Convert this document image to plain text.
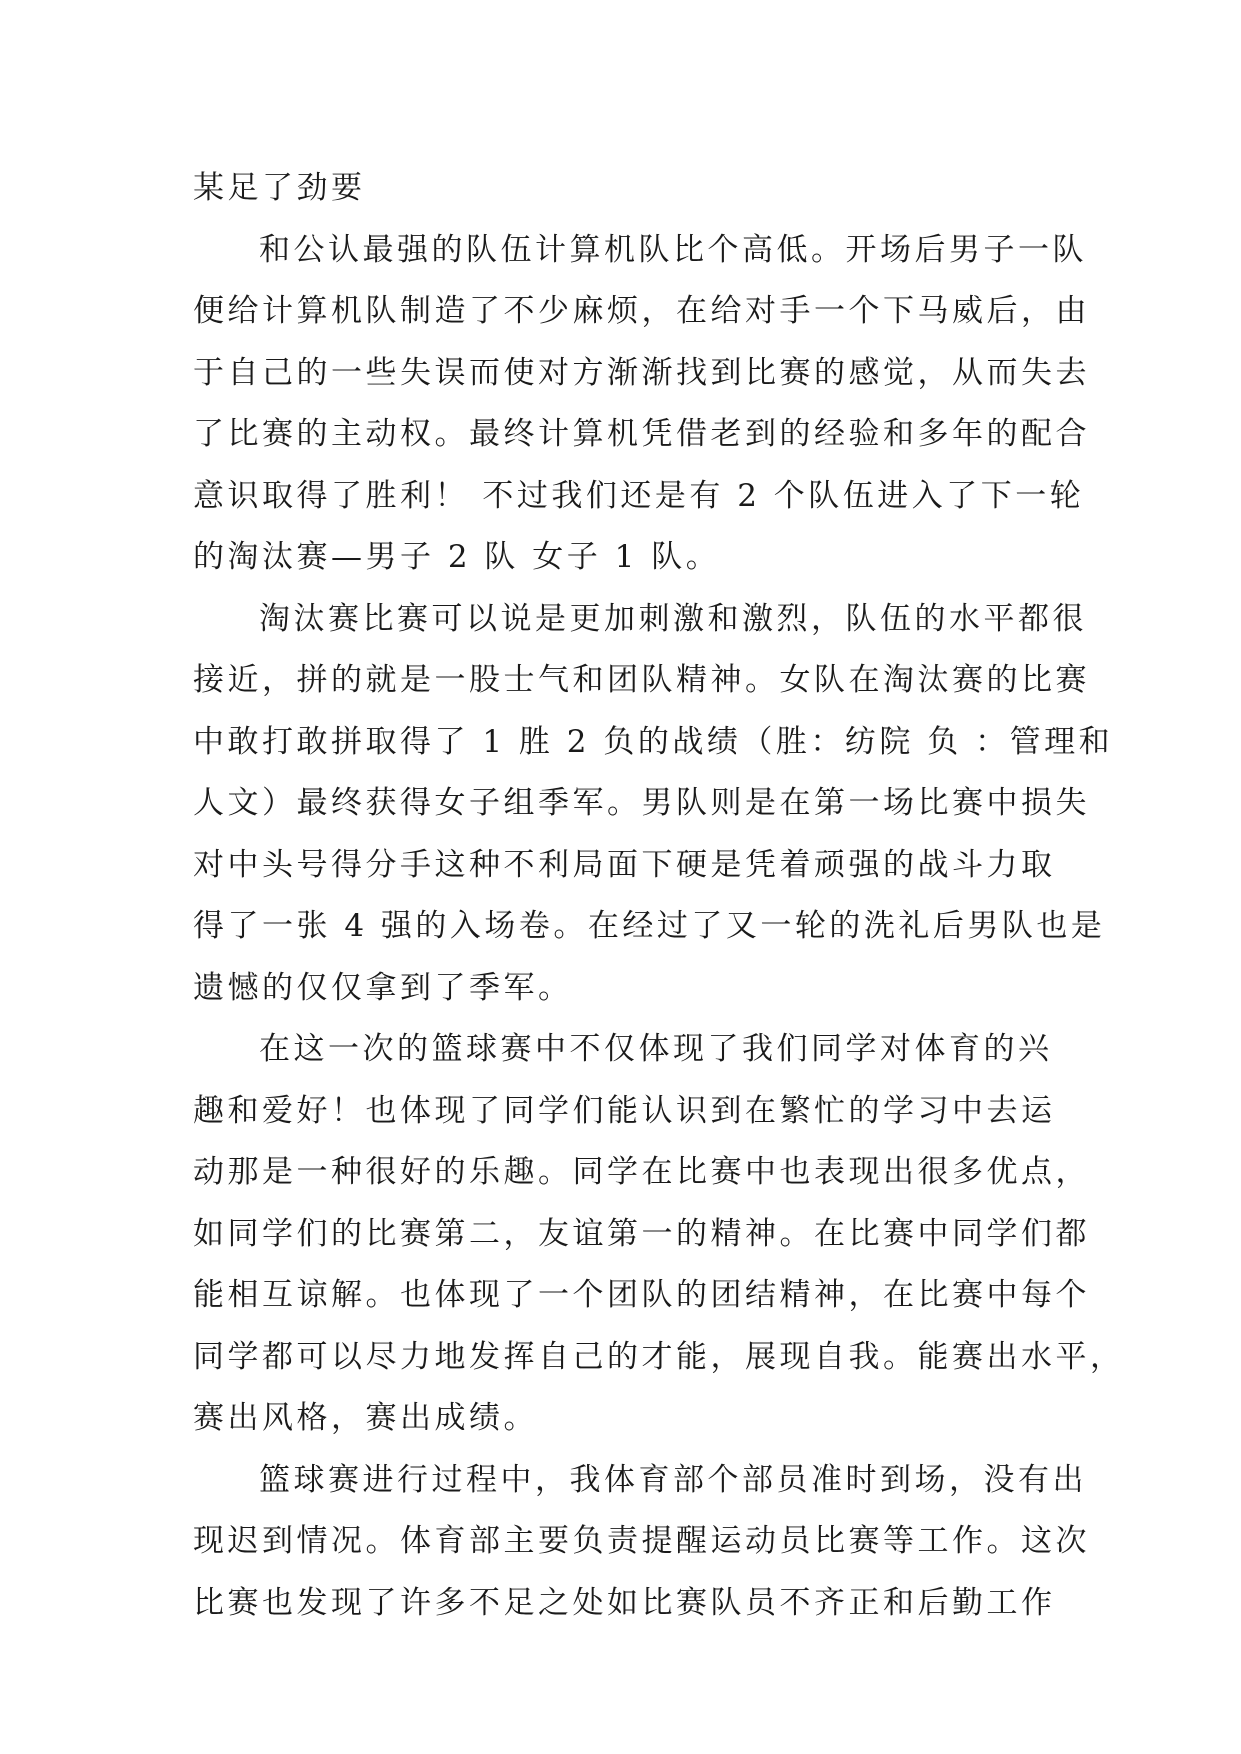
某足了劲要
和公认最强的队伍计算机队比个高低。开场后男子一队
便给计算机队制造了不少麻烦，在给对手一个下马威后，由
于自己的一些失误而使对方渐渐找到比赛的感觉，从而失去
了比赛的主动权。最终计算机凭借老到的经验和多年的配合
意识取得了胜利！ 不过我们还是有 2 个队伍进入了下一轮
的淘汰赛—男子 2 队 女子 1 队。
淘汰赛比赛可以说是更加刺激和激烈，队伍的水平都很
接近，拼的就是一股士气和团队精神。女队在淘汰赛的比赛
中敢打敢拼取得了 1 胜 2 负的战绩（胜：纺院 负 ：管理和
人文）最终获得女子组季军。男队则是在第一场比赛中损失
对中头号得分手这种不利局面下硬是凭着顽强的战斗力取
得了一张 4 强的入场卷。在经过了又一轮的洗礼后男队也是
遗憾的仅仅拿到了季军。
在这一次的篮球赛中不仅体现了我们同学对体育的兴
趣和爱好！也体现了同学们能认识到在繁忙的学习中去运
动那是一种很好的乐趣。同学在比赛中也表现出很多优点，
如同学们的比赛第二，友谊第一的精神。在比赛中同学们都
能相互谅解。也体现了一个团队的团结精神，在比赛中每个
同学都可以尽力地发挥自己的才能，展现自我。能赛出水平，
赛出风格，赛出成绩。
篮球赛进行过程中，我体育部个部员准时到场，没有出
现迟到情况。体育部主要负责提醒运动员比赛等工作。这次
比赛也发现了许多不足之处如比赛队员不齐正和后勤工作
